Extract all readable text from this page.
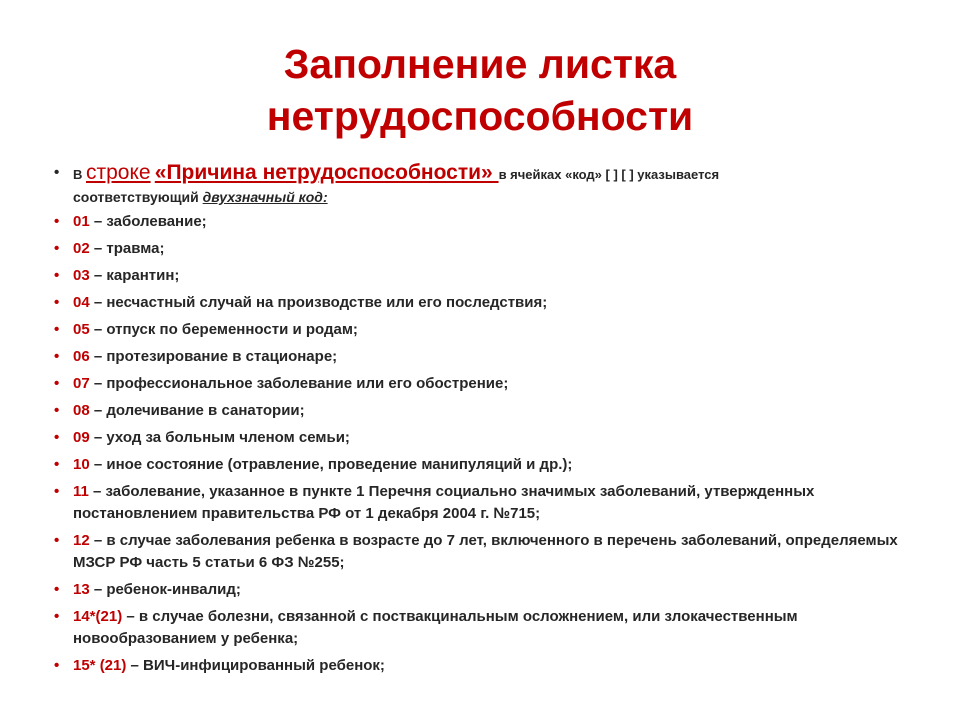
Заполнение листка
нетрудоспособности
• В строке «Причина нетрудоспособности» в ячейках «код» [ ] [ ] указывается
соответствующий двухзначный код:
• 01 – заболевание;
• 02 – травма;
• 03 – карантин;
• 04 – несчастный случай на производстве или его последствия;
• 05 – отпуск по беременности и родам;
• 06 – протезирование в стационаре;
• 07 – профессиональное заболевание или его обострение;
• 08 – долечивание в санатории;
• 09 – уход за больным членом семьи;
• 10 – иное состояние (отравление, проведение манипуляций и др.);
• 11 – заболевание, указанное в пункте 1 Перечня социально значимых заболеваний, утвержденных постановлением правительства РФ от 1 декабря 2004 г. №715;
• 12 – в случае заболевания ребенка в возрасте до 7 лет, включенного в перечень заболеваний, определяемых МЗСР РФ часть 5 статьи 6 ФЗ №255;
• 13 – ребенок-инвалид;
• 14*(21) – в случае болезни, связанной с поствакцинальным осложнением, или злокачественным новообразованием у ребенка;
• 15* (21) – ВИЧ-инфицированный ребенок;
